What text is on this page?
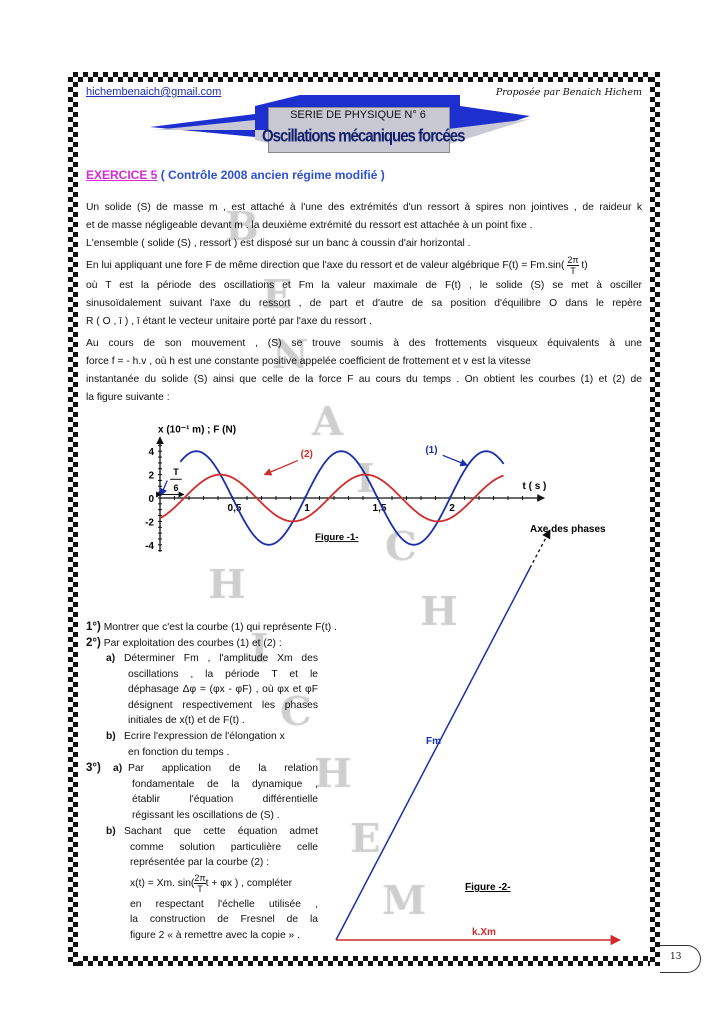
hichembenaich@gmail.com	Proposée par Benaich Hichem
SERIE DE PHYSIQUE N° 6
Oscillations mécaniques forcées
EXERCICE 5 ( Contrôle 2008 ancien régime modifié )
Un solide (S) de masse m , est attaché à l'une des extrémités d'un ressort à spires non jointives , de raideur k
et de masse négligeable devant m . la deuxième extrémité du ressort est attachée à un point fixe .
L'ensemble ( solide (S) , ressort ) est disposé sur un banc à coussin d'air horizontal .
En lui appliquant une fore F de même direction que l'axe du ressort et de valeur algébrique $F(t) = Fm.\sin( \frac{2\pi}{T} t)$
où T est la période des oscillations et Fm la valeur maximale de F(t) , le solide (S) se met à osciller
sinusoïdalement suivant l'axe du ressort , de part et d'autre de sa position d'équilibre O dans le repère
R ( O , ī ) , ī étant le vecteur unitaire porté par l'axe du ressort .
Au cours de son mouvement , (S) se trouve soumis à des frottements visqueux équivalents à une
force f = - h.v , où h est une constante positive appelée coefficient de frottement et v est la vitesse
instantanée du solide (S) ainsi que celle de la force F au cours du temps . On obtient les courbes (1) et (2) de
la figure suivante :
4
2
0
-2
-4
0,5	1	1,5	2
x (10⁻¹ m) ; F (N)
t ( s )
Figure -1-
(2)	(1)
T
6
1°) Montrer que c'est la courbe (1) qui représente F(t) .
2°) Par exploitation des courbes (1) et (2) :
a) Déterminer Fm , l'amplitude Xm des
oscillations , la période T et le
déphasage Δφ = (φx - φF) , où φx et φF
désignent respectivement les phases
initiales de x(t) et de F(t) .
b) Ecrire l'expression de l'élongation x
en fonction du temps .
3°) a) Par application de la relation
fondamentale de la dynamique ,
établir l'équation différentielle
régissant les oscillations de (S) .
b) Sachant que cette équation admet
comme solution particulière celle
représentée par la courbe (2) :
x(t) = Xm. $\sin( \frac{2\pi}{T}$ t + φx ) , compléter
en respectant l'échelle utilisée ,
la construction de Fresnel de la
figure 2 « à remettre avec la copie » .
Axe des phases
Fm
k.Xm
Figure -2-
13
